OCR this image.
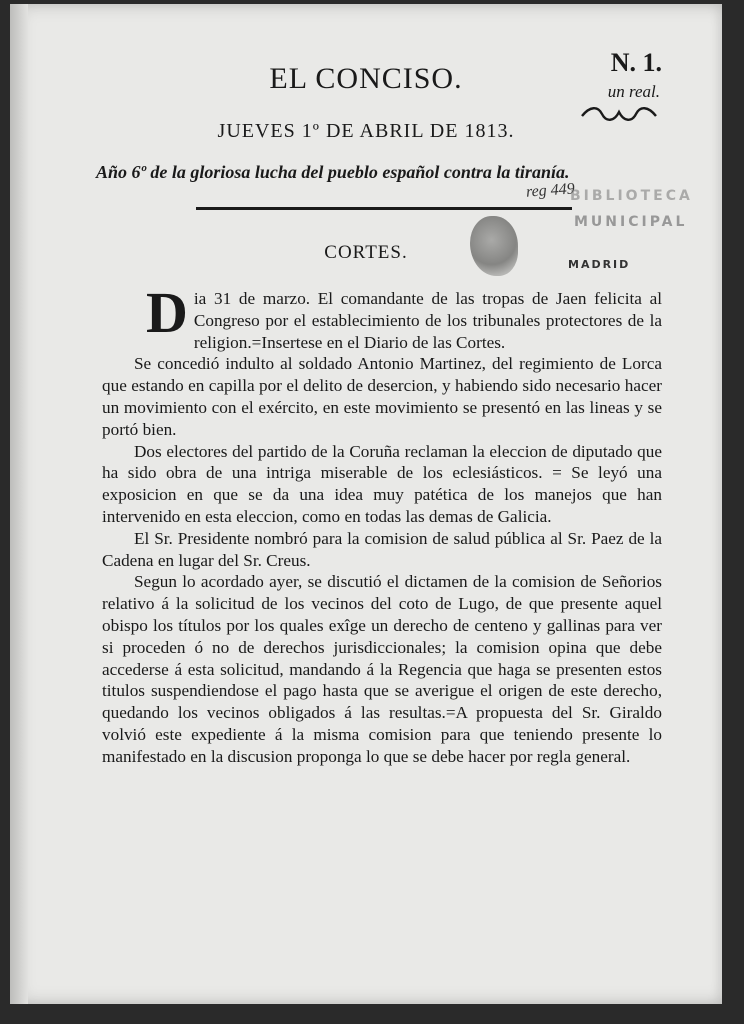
EL CONCISO.	N. 1.
un real.
JUEVES 1º DE ABRIL DE 1813.
Año 6º de la gloriosa lucha del pueblo español contra la tiranía.
reg 449
BIBLIOTECA
MUNICIPAL
MADRID
CORTES.

Dia 31 de marzo. El comandante de las tropas de Jaen felicita al Congreso por el establecimiento de los tribunales protectores de la religion.=Insertese en el Diario de las Cortes.

Se concedió indulto al soldado Antonio Martinez, del regimiento de Lorca que estando en capilla por el delito de desercion, y habiendo sido necesario hacer un movimiento con el exército, en este movimiento se presentó en las lineas y se portó bien.

Dos electores del partido de la Coruña reclaman la eleccion de diputado que ha sido obra de una intriga miserable de los eclesiásticos. = Se leyó una exposicion en que se da una idea muy patética de los manejos que han intervenido en esta eleccion, como en todas las demas de Galicia.

El Sr. Presidente nombró para la comision de salud pública al Sr. Paez de la Cadena en lugar del Sr. Creus.

Segun lo acordado ayer, se discutió el dictamen de la comision de Señorios relativo á la solicitud de los vecinos del coto de Lugo, de que presente aquel obispo los títulos por los quales exîge un derecho de centeno y gallinas para ver si proceden ó no de derechos jurisdiccionales; la comision opina que debe accederse á esta solicitud, mandando á la Regencia que haga se presenten estos titulos suspendiendose el pago hasta que se averigue el origen de este derecho, quedando los vecinos obligados á las resultas.=A propuesta del Sr. Giraldo volvió este expediente á la misma comision para que teniendo presente lo manifestado en la discusion proponga lo que se debe hacer por regla general.
